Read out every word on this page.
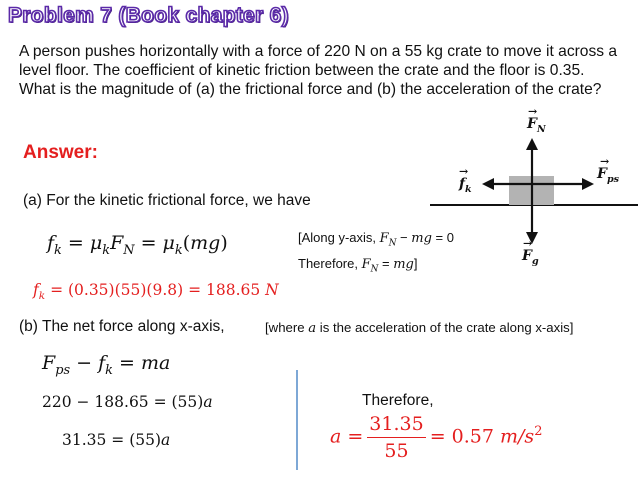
Problem 7 (Book chapter 6)
A person pushes horizontally with a force of 220 N on a 55 kg crate to move it across a level floor. The coefficient of kinetic friction between the crate and the floor is 0.35. What is the magnitude of (a) the frictional force and (b) the acceleration of the crate?
Answer:
$F_N$
→
$f_k$
→	$F_{ps}$
→
$F_g$
→
(a) For the kinetic frictional force, we have
$f_k = \mu_kF_N = \mu_k(mg)$	[Along y-axis, $F_N$ − mg = 0
Therefore, $F_N = mg$]
$f_k = (0.35)(55)(9.8) = 188.65$ N
(b) The net force along x-axis,	[where a is the acceleration of the crate along x-axis]
$F_{ps} - f_k$ = ma
220 − 188.65 = (55)a
31.35 = (55)a
Therefore,
$a = \frac{31.35}{55} = 0.57$ $m/s^2$
